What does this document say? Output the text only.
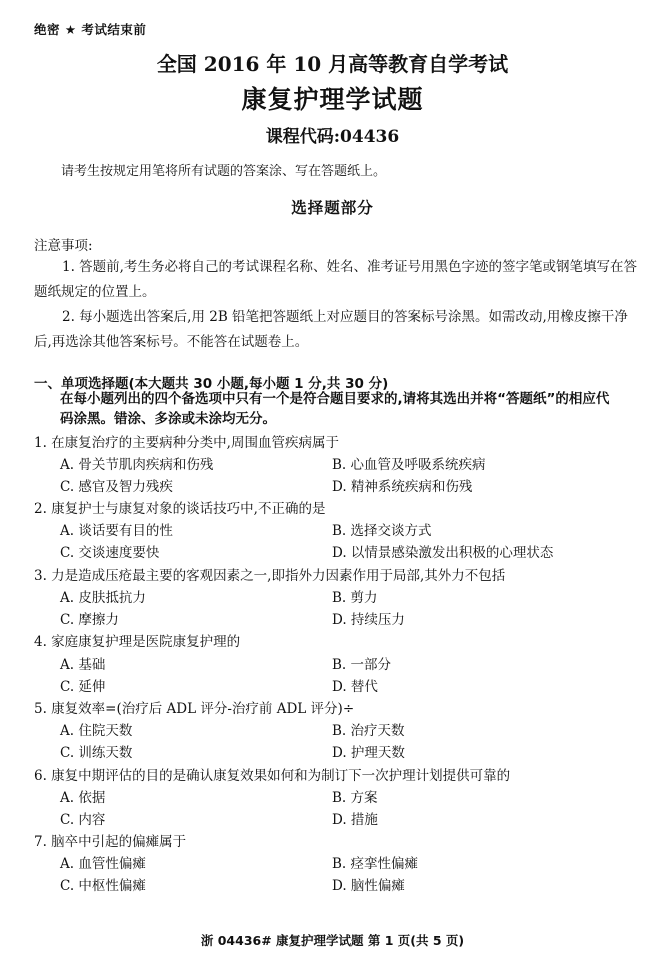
绝密 ★ 考试结束前
全国 2016 年 10 月高等教育自学考试
康复护理学试题
课程代码:04436
请考生按规定用笔将所有试题的答案涂、写在答题纸上。
选择题部分
注意事项:
1. 答题前,考生务必将自己的考试课程名称、姓名、准考证号用黑色字迹的签字笔或钢笔填写在答题纸规定的位置上。
2. 每小题选出答案后,用 2B 铅笔把答题纸上对应题目的答案标号涂黑。如需改动,用橡皮擦干净后,再选涂其他答案标号。不能答在试题卷上。
一、单项选择题(本大题共 30 小题,每小题 1 分,共 30 分)
在每小题列出的四个备选项中只有一个是符合题目要求的,请将其选出并将“答题纸”的相应代码涂黑。错涂、多涂或未涂均无分。
1. 在康复治疗的主要病种分类中,周围血管疾病属于
A. 骨关节肌肉疾病和伤残	B. 心血管及呼吸系统疾病
C. 感官及智力残疾	D. 精神系统疾病和伤残
2. 康复护士与康复对象的谈话技巧中,不正确的是
A. 谈话要有目的性	B. 选择交谈方式
C. 交谈速度要快	D. 以情景感染激发出积极的心理状态
3. 力是造成压疮最主要的客观因素之一,即指外力因素作用于局部,其外力不包括
A. 皮肤抵抗力	B. 剪力
C. 摩擦力	D. 持续压力
4. 家庭康复护理是医院康复护理的
A. 基础	B. 一部分
C. 延伸	D. 替代
5. 康复效率=(治疗后 ADL 评分-治疗前 ADL 评分)÷
A. 住院天数	B. 治疗天数
C. 训练天数	D. 护理天数
6. 康复中期评估的目的是确认康复效果如何和为制订下一次护理计划提供可靠的
A. 依据	B. 方案
C. 内容	D. 措施
7. 脑卒中引起的偏瘫属于
A. 血管性偏瘫	B. 痉挛性偏瘫
C. 中枢性偏瘫	D. 脑性偏瘫
浙 04436# 康复护理学试题 第 1 页(共 5 页)
